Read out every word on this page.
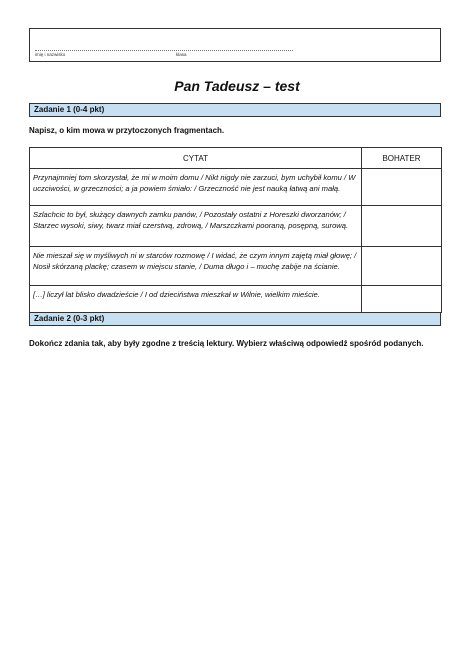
imię i nazwisko	klasa
Pan Tadeusz – test
Zadanie 1 (0-4 pkt)
Napisz, o kim mowa w przytoczonych fragmentach.
CYTAT	BOHATER
Przynajmniej tom skorzystał, że mi w moim domu / Nikt nigdy nie zarzuci, bym uchybił komu / W uczciwości, w grzeczności; a ja powiem śmiało: / Grzeczność nie jest nauką łatwą ani małą.	
Szlachcic to był, służący dawnych zamku panów, / Pozostały ostatni z Horeszki dworzanów; / Starzec wysoki, siwy, twarz miał czerstwą, zdrową, / Marszczkami pooraną, posępną, surową.	
Nie mieszał się w myśliwych ni w starców rozmowę / I widać, że czym innym zajętą miał głowę; / Nosił skórzaną plackę; czasem w miejscu stanie, / Duma długo i – muchę zabije na ścianie.	
[…] liczył lat blisko dwadzieście / I od dzieciństwa mieszkał w Wilnie, wielkim mieście.	
Zadanie 2 (0-3 pkt)
Dokończ zdania tak, aby były zgodne z treścią lektury. Wybierz właściwą odpowiedź spośród podanych.
